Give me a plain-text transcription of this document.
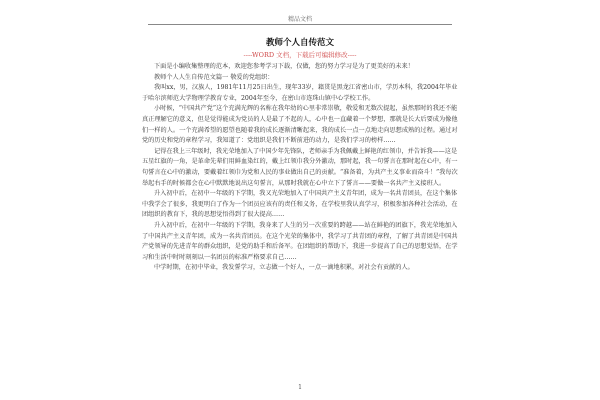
精品文档
教师个人自传范文
----WORD 文档，下载后可编辑修改----

下面是小编收集整理的范本，欢迎您参考学习下载，仅做，您的努力学习是为了更美好的未来！

教师个人人生自传范文篇一 敬爱的党组织：

我叫xx，男，汉族人，1981年11月25日出生，现年33岁，籍贯是黑龙江省密山市，学历本科，我2004年毕业于哈尔滨师范大学物理学教育专业，2004年至今，在密山市连珠山镇中心学校工作。

小时候，“中国共产党”这个充满光辉的名称在我年幼的心里非常崇敬，敬爱和无数次提起，虽然那时的我还不能真正理解它的意义，但是觉得能成为党员的人是最了不起的人，心中也一直藏着一个梦想，那就是长大后要成为像他们一样的人。一个充满希望的愿望也随着我的成长逐渐清晰起来，我的成长一点一点地走向思想成熟的过程。通过对党的历史和党的章程学习，我知道了：党组织是我们不断前进的动力，是我们学习的榜样……

记得在我上三年级时，我光荣地加入了中国少年先锋队，老师亲手为我佩戴上鲜艳的红领巾，并告诉我——这是五星红旗的一角，是革命先辈们用鲜血染红的，戴上红领巾我分外激动，那时起，我一句誓言在那时起在心中，有一句誓言在心中的激动，要戴着红领巾为党和人民的事业做出自己的贡献。“准备着，为共产主义事业而奋斗！”我每次举起右手的时候都会在心中默默地说出这句誓言，从那时我就在心中立下了誓言——要做一名共产主义接班人。

升入初中后，在初中一年级的下学期，我又光荣地加入了中国共产主义青年团，成为一名共青团员，在这个集体中我学会了很多，我更明白了作为一个团员应该有的责任和义务，在学校里我认真学习，积极参加各种社会活动，在团组织的教育下，我的思想觉悟得到了很大提高……

升入初中后，在初中一年级的下学期，我身来了人生的另一次重要的跨越——站在鲜艳的团旗下，我光荣地加入了中国共产主义青年团，成为一名共青团员。在这个光荣的集体中，我学习了共青团的章程，了解了共青团是中国共产党领导的先进青年的群众组织，是党的助手和后备军。在团组织的帮助下，我进一步提高了自己的思想觉悟，在学习和生活中时时刻刻以一名团员的标准严格要求自己……

中学时期，在初中毕业，我发誓学习，立志做一个好人，一点一滴地积累，对社会有贡献的人。

1
